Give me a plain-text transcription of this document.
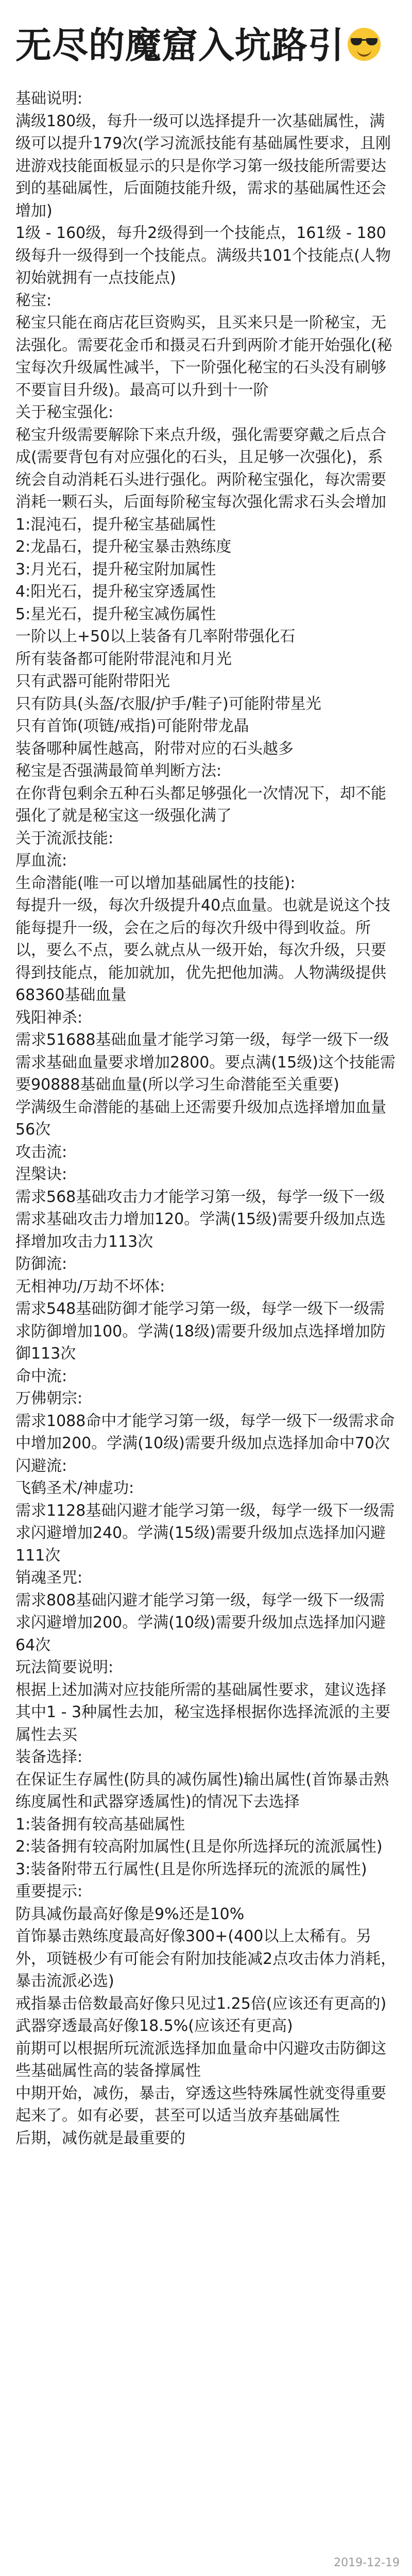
无尽的魔窟入坑路引

基础说明:

满级180级，每升一级可以选择提升一次基础属性，满级可以提升179次(学习流派技能有基础属性要求，且刚进游戏技能面板显示的只是你学习第一级技能所需要达到的基础属性，后面随技能升级，需求的基础属性还会增加)

1级 - 160级，每升2级得到一个技能点，161级 - 180级每升一级得到一个技能点。满级共101个技能点(人物初始就拥有一点技能点)

秘宝:

秘宝只能在商店花巨资购买，且买来只是一阶秘宝，无法强化。需要花金币和摄灵石升到两阶才能开始强化(秘宝每次升级属性减半，下一阶强化秘宝的石头没有刷够不要盲目升级)。最高可以升到十一阶

关于秘宝强化:

秘宝升级需要解除下来点升级，强化需要穿戴之后点合成(需要背包有对应强化的石头，且足够一次强化)，系统会自动消耗石头进行强化。两阶秘宝强化，每次需要消耗一颗石头，后面每阶秘宝每次强化需求石头会增加

1:混沌石，提升秘宝基础属性

2:龙晶石，提升秘宝暴击熟练度

3:月光石，提升秘宝附加属性

4:阳光石，提升秘宝穿透属性

5:星光石，提升秘宝减伤属性

一阶以上+50以上装备有几率附带强化石

所有装备都可能附带混沌和月光

只有武器可能附带阳光

只有防具(头盔/衣服/护手/鞋子)可能附带星光

只有首饰(项链/戒指)可能附带龙晶

装备哪种属性越高，附带对应的石头越多

秘宝是否强满最简单判断方法:

在你背包剩余五种石头都足够强化一次情况下，却不能强化了就是秘宝这一级强化满了

关于流派技能:

厚血流:

生命潜能(唯一可以增加基础属性的技能):

每提升一级，每次升级提升40点血量。也就是说这个技能每提升一级，会在之后的每次升级中得到收益。所以，要么不点，要么就点从一级开始，每次升级，只要得到技能点，能加就加，优先把他加满。人物满级提供68360基础血量

残阳神杀:

需求51688基础血量才能学习第一级，每学一级下一级需求基础血量要求增加2800。要点满(15级)这个技能需要90888基础血量(所以学习生命潜能至关重要)

学满级生命潜能的基础上还需要升级加点选择增加血量56次

攻击流:

涅槃诀:

需求568基础攻击力才能学习第一级，每学一级下一级需求基础攻击力增加120。学满(15级)需要升级加点选择增加攻击力113次

防御流:

无相神功/万劫不坏体:

需求548基础防御才能学习第一级，每学一级下一级需求防御增加100。学满(18级)需要升级加点选择增加防御113次

命中流:

万佛朝宗:

需求1088命中才能学习第一级，每学一级下一级需求命中增加200。学满(10级)需要升级加点选择加命中70次

闪避流:

飞鹤圣术/神虚功:

需求1128基础闪避才能学习第一级，每学一级下一级需求闪避增加240。学满(15级)需要升级加点选择加闪避111次

销魂圣咒:

需求808基础闪避才能学习第一级，每学一级下一级需求闪避增加200。学满(10级)需要升级加点选择加闪避64次

玩法简要说明:

根据上述加满对应技能所需的基础属性要求，建议选择其中1 - 3种属性去加，秘宝选择根据你选择流派的主要属性去买

装备选择:

在保证生存属性(防具的减伤属性)输出属性(首饰暴击熟练度属性和武器穿透属性)的情况下去选择

1:装备拥有较高基础属性

2:装备拥有较高附加属性(且是你所选择玩的流派属性)

3:装备附带五行属性(且是你所选择玩的流派的属性)

重要提示:

防具减伤最高好像是9%还是10%

首饰暴击熟练度最高好像300+(400以上太稀有。另外，项链极少有可能会有附加技能减2点攻击体力消耗，暴击流派必选)

戒指暴击倍数最高好像只见过1.25倍(应该还有更高的)

武器穿透最高好像18.5%(应该还有更高)

前期可以根据所玩流派选择加血量命中闪避攻击防御这些基础属性高的装备撑属性

中期开始，减伤，暴击，穿透这些特殊属性就变得重要起来了。如有必要，甚至可以适当放弃基础属性

后期，减伤就是最重要的

2019-12-19
